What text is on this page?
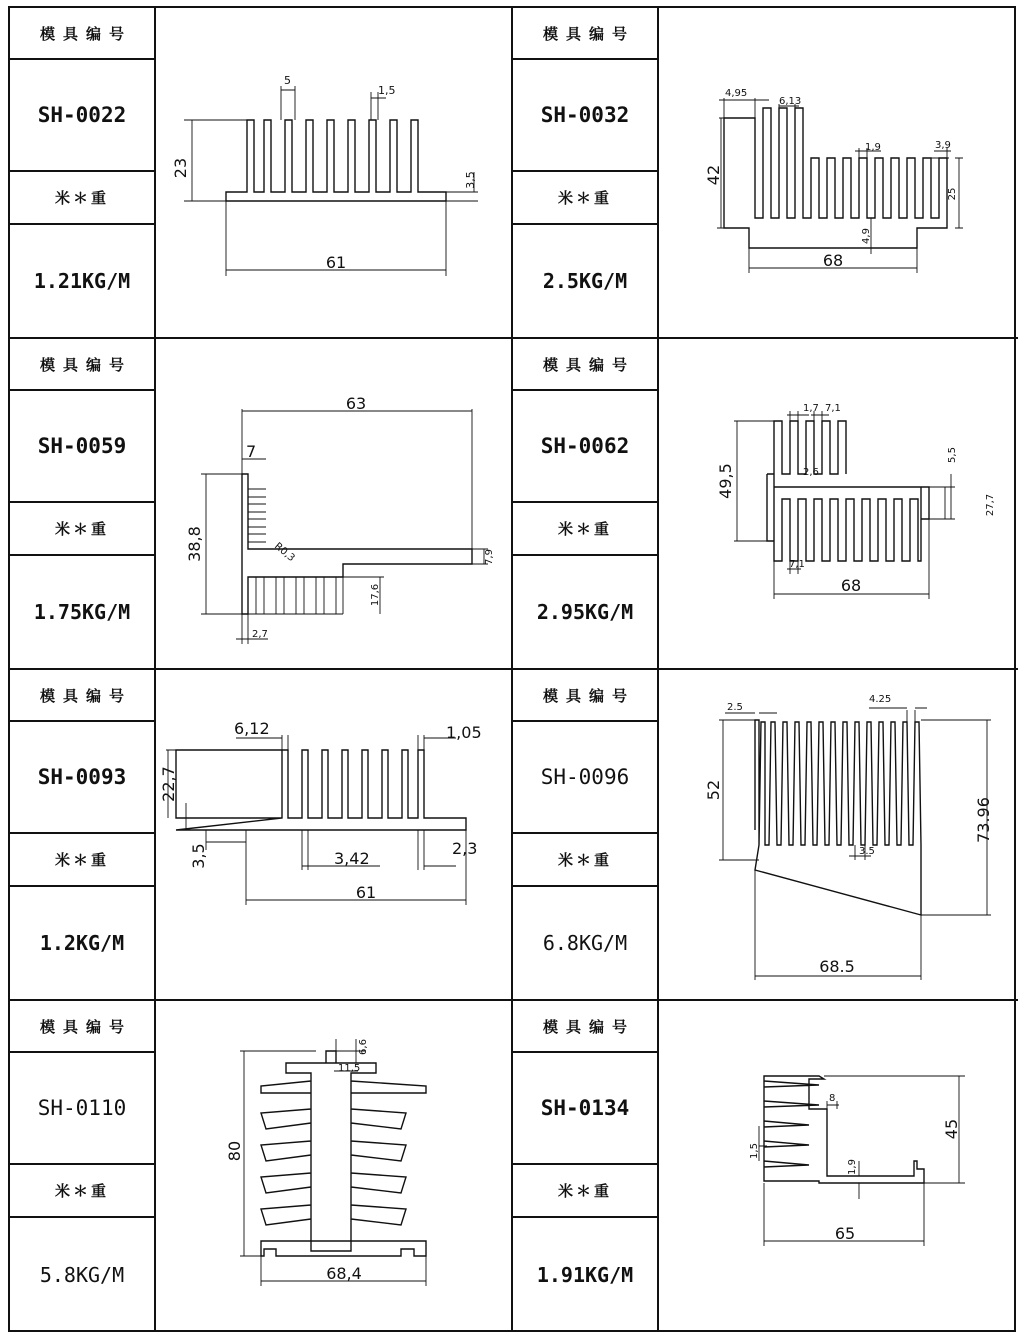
模具编号
SH-0022
米＊重
1.21KG/M
5
1,5
23
3,5
61
模具编号
SH-0032
米＊重
2.5KG/M
4,95
6,13
1,9	3,9
42
25
4,9
68
模具编号
SH-0059
米＊重
1.75KG/M
63
7
38,8	R0,3	7,9
17,6
2,7
模具编号
SH-0062
米＊重
2.95KG/M
1,7 7,1
49,5
5,5
2,6
27,7
7,1
68
模具编号
SH-0093
米＊重
1.2KG/M
6,12	1,05
22,7
3,5	3,42
2,3
61
模具编号
SH-0096
米＊重
6.8KG/M
2.5
4.25
52
73.96
3.5
68.5
模具编号
SH-0110
米＊重
5.8KG/M
6,6
11,5
80
68,4
模具编号
SH-0134
米＊重
1.91KG/M
8
1,5
1,9
45
65
